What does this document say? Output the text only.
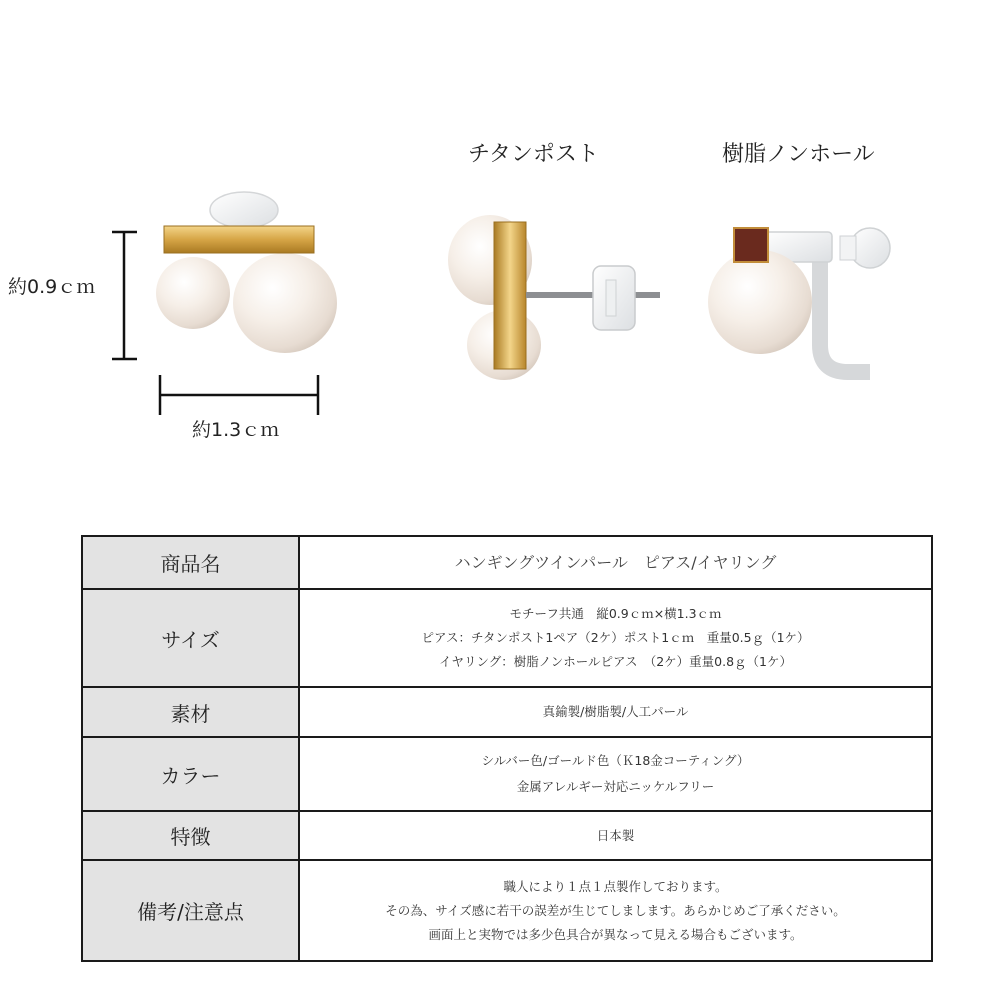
約0.9ｃｍ
約1.3ｃｍ
チタンポスト	樹脂ノンホール
商品名	ハンギングツインパール　ピアス/イヤリング

サイズ	モチーフ共通　縦0.9ｃｍ×横1.3ｃｍ
ピアス：チタンポスト1ペア（2ケ）ポスト1ｃｍ　重量0.5ｇ（1ケ）
イヤリング：樹脂ノンホールピアス　（2ケ）重量0.8ｇ（1ケ）

素材	真鍮製/樹脂製/人工パール

カラー	シルバー色/ゴールド色（Ｋ18金コーティング）
金属アレルギー対応ニッケルフリー

特徴	日本製

備考/注意点	職人により１点１点製作しております。
その為、サイズ感に若干の誤差が生じてしまします。あらかじめご了承ください。
画面上と実物では多少色具合が異なって見える場合もございます。
